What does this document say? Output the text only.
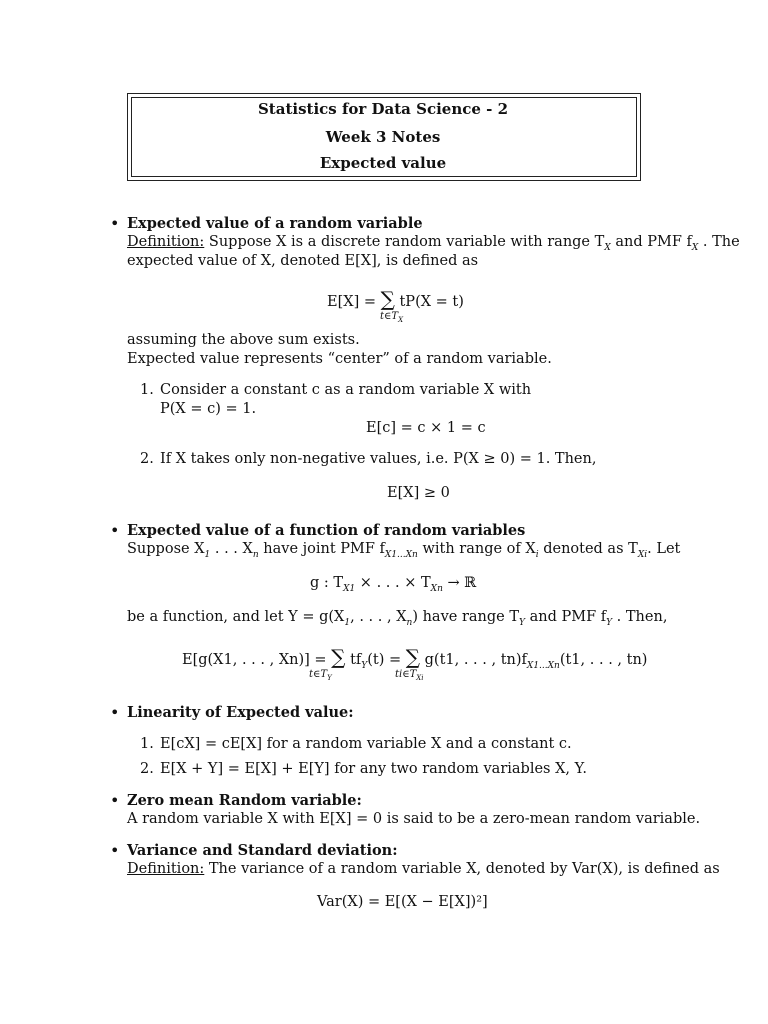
Statistics for Data Science - 2
Week 3 Notes
Expected value
• Expected value of a random variable
Definition: Suppose X is a discrete random variable with range $T_X$ and PMF $f_X$ . The
expected value of X, denoted E[X], is defined as
E[X] = ∑ tP(X = t)
$t\in T_X$
assuming the above sum exists.
Expected value represents “center” of a random variable.
1. Consider a constant c as a random variable X with
P(X = c) = 1.
E[c] = c × 1 = c
2. If X takes only non-negative values, i.e. P(X ≥ 0) = 1. Then,
E[X] ≥ 0
• Expected value of a function of random variables
Suppose $X_1$ . . . $X_n$ have joint PMF $f_{X1...Xn}$ with range of $X_i$ denoted as $T_{Xi}$. Let
g : $T_{X1}$ × . . . × $T_{Xn}$ → ℝ
be a function, and let $Y = g(X_1$, . . . , $X_n$) have range $T_Y$ and PMF $f_Y$ . Then,
E[g(X1, . . . , Xn)] = ∑ $tf_Y(t)$ = ∑ g(t1, . . . , $tn)f_{X1...Xn}(t1$, . . . , tn)
$t\in T_Y$	$ti\in T_{Xi}$
• Linearity of Expected value:
1. E[cX] = cE[X] for a random variable X and a constant c.
2. E[X + Y] = E[X] + E[Y] for any two random variables X, Y.
• Zero mean Random variable:
A random variable X with E[X] = 0 is said to be a zero-mean random variable.
• Variance and Standard deviation:
Definition: The variance of a random variable X, denoted by Var(X), is defined as
Var(X) = E[(X − E[X])²]
